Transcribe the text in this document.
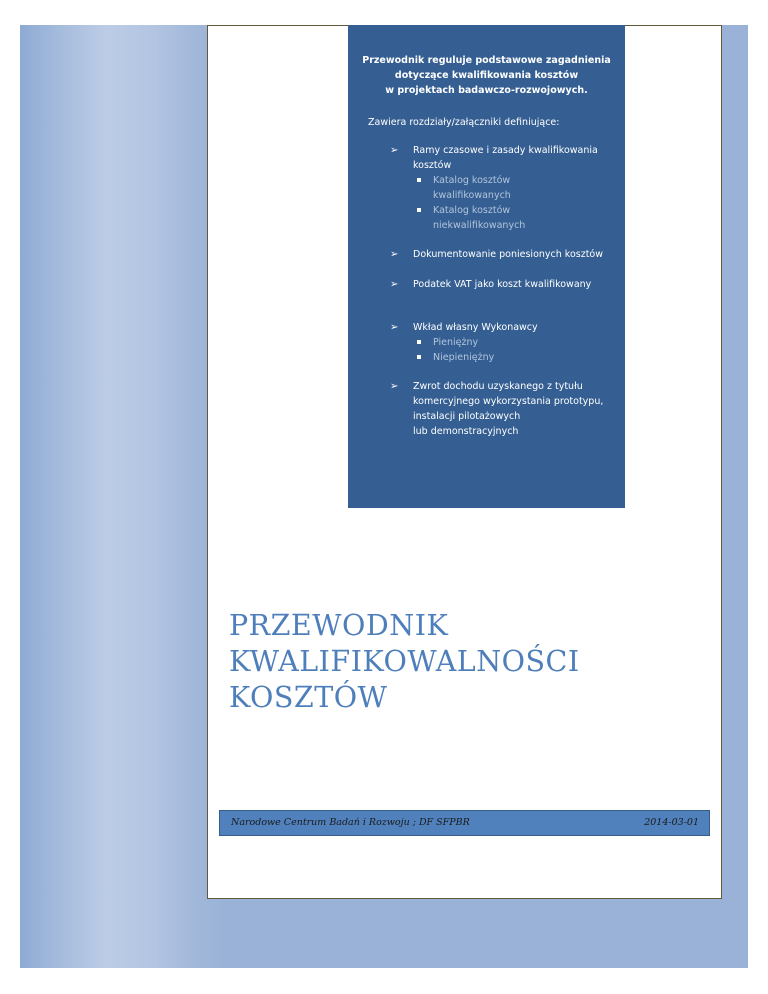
Przewodnik reguluje podstawowe zagadnienia
dotyczące kwalifikowania kosztów
w projektach badawczo-rozwojowych.
Zawiera rozdziały/załączniki definiujące:
➢ Ramy czasowe i zasady kwalifikowania
kosztów
Katalog kosztów
kwalifikowanych
Katalog kosztów
niekwalifikowanych
➢ Dokumentowanie poniesionych kosztów
➢ Podatek VAT jako koszt kwalifikowany
➢ Wkład własny Wykonawcy
Pieniężny
Niepieniężny
➢ Zwrot dochodu uzyskanego z tytułu
komercyjnego wykorzystania prototypu,
instalacji pilotażowych
lub demonstracyjnych
PRZEWODNIK
KWALIFIKOWALNOŚCI
KOSZTÓW
Narodowe Centrum Badań i Rozwoju ; DF SFPBR	2014-03-01
